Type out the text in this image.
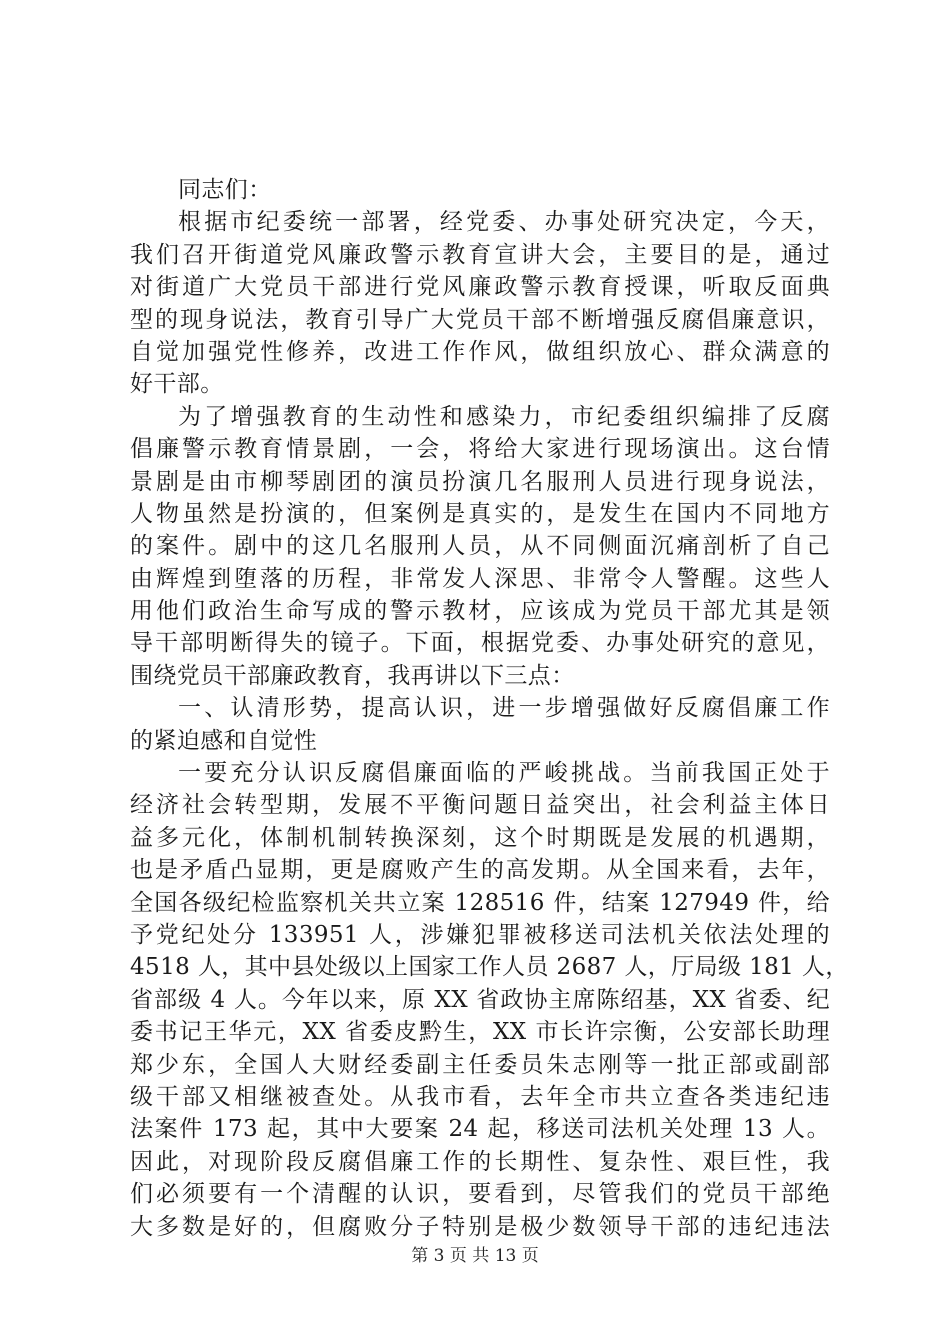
同志们：
根据市纪委统一部署，经党委、办事处研究决定，今天，
我们召开街道党风廉政警示教育宣讲大会，主要目的是，通过
对街道广大党员干部进行党风廉政警示教育授课，听取反面典
型的现身说法，教育引导广大党员干部不断增强反腐倡廉意识，
自觉加强党性修养，改进工作作风，做组织放心、群众满意的
好干部。
为了增强教育的生动性和感染力，市纪委组织编排了反腐
倡廉警示教育情景剧，一会，将给大家进行现场演出。这台情
景剧是由市柳琴剧团的演员扮演几名服刑人员进行现身说法，
人物虽然是扮演的，但案例是真实的，是发生在国内不同地方
的案件。剧中的这几名服刑人员，从不同侧面沉痛剖析了自己
由辉煌到堕落的历程，非常发人深思、非常令人警醒。这些人
用他们政治生命写成的警示教材，应该成为党员干部尤其是领
导干部明断得失的镜子。下面，根据党委、办事处研究的意见，
围绕党员干部廉政教育，我再讲以下三点：
一、认清形势，提高认识，进一步增强做好反腐倡廉工作
的紧迫感和自觉性
一要充分认识反腐倡廉面临的严峻挑战。当前我国正处于
经济社会转型期，发展不平衡问题日益突出，社会利益主体日
益多元化，体制机制转换深刻，这个时期既是发展的机遇期，
也是矛盾凸显期，更是腐败产生的高发期。从全国来看，去年，
全国各级纪检监察机关共立案 128516 件，结案 127949 件，给
予党纪处分 133951 人，涉嫌犯罪被移送司法机关依法处理的
4518 人，其中县处级以上国家工作人员 2687 人，厅局级 181 人，
省部级 4 人。今年以来，原 XX 省政协主席陈绍基，XX 省委、纪
委书记王华元，XX 省委皮黔生，XX 市长许宗衡，公安部长助理
郑少东，全国人大财经委副主任委员朱志刚等一批正部或副部
级干部又相继被查处。从我市看，去年全市共立查各类违纪违
法案件 173 起，其中大要案 24 起，移送司法机关处理 13 人。
因此，对现阶段反腐倡廉工作的长期性、复杂性、艰巨性，我
们必须要有一个清醒的认识，要看到，尽管我们的党员干部绝
大多数是好的，但腐败分子特别是极少数领导干部的违纪违法
第 3 页 共 13 页
